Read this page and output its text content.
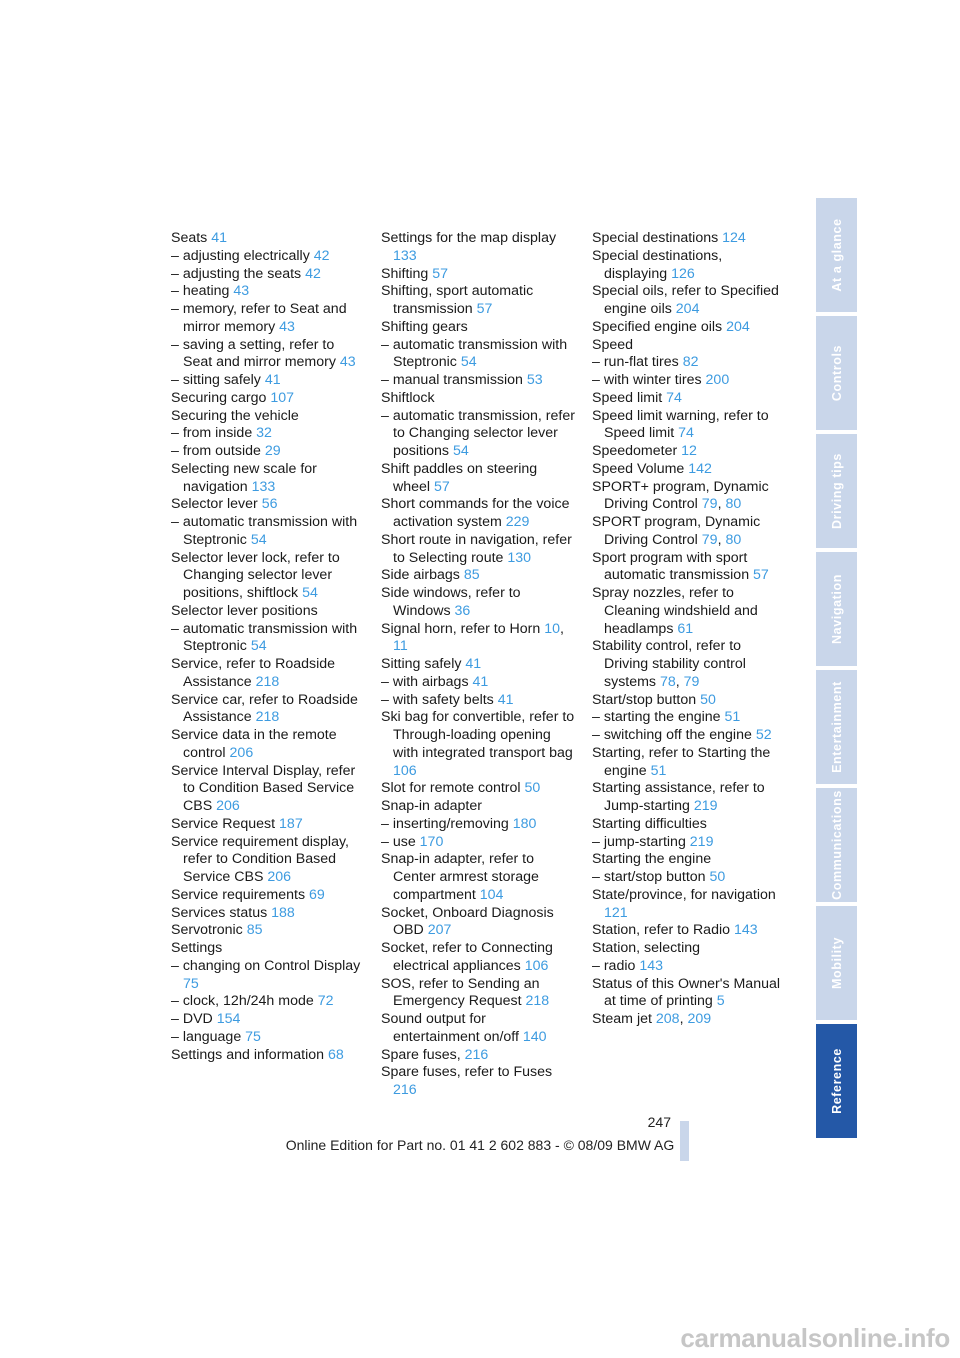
Seats 41
– adjusting electrically 42
– adjusting the seats 42
– heating 43
– memory, refer to Seat and mirror memory 43
– saving a setting, refer to Seat and mirror memory 43
– sitting safely 41
Securing cargo 107
Securing the vehicle
– from inside 32
– from outside 29
Selecting new scale for navigation 133
Selector lever 56
– automatic transmission with Steptronic 54
Selector lever lock, refer to Changing selector lever positions, shiftlock 54
Selector lever positions
– automatic transmission with Steptronic 54
Service, refer to Roadside Assistance 218
Service car, refer to Roadside Assistance 218
Service data in the remote control 206
Service Interval Display, refer to Condition Based Service CBS 206
Service Request 187
Service requirement display, refer to Condition Based Service CBS 206
Service requirements 69
Services status 188
Servotronic 85
Settings
– changing on Control Display 75
– clock, 12h/24h mode 72
– DVD 154
– language 75
Settings and information 68
Settings for the map display 133
Shifting 57
Shifting, sport automatic transmission 57
Shifting gears
– automatic transmission with Steptronic 54
– manual transmission 53
Shiftlock
– automatic transmission, refer to Changing selector lever positions 54
Shift paddles on steering wheel 57
Short commands for the voice activation system 229
Short route in navigation, refer to Selecting route 130
Side airbags 85
Side windows, refer to Windows 36
Signal horn, refer to Horn 10, 11
Sitting safely 41
– with airbags 41
– with safety belts 41
Ski bag for convertible, refer to Through-loading opening with integrated transport bag 106
Slot for remote control 50
Snap-in adapter
– inserting/removing 180
– use 170
Snap-in adapter, refer to Center armrest storage compartment 104
Socket, Onboard Diagnosis OBD 207
Socket, refer to Connecting electrical appliances 106
SOS, refer to Sending an Emergency Request 218
Sound output for entertainment on/off 140
Spare fuses, 216
Spare fuses, refer to Fuses 216
Special destinations 124
Special destinations, displaying 126
Special oils, refer to Specified engine oils 204
Specified engine oils 204
Speed
– run-flat tires 82
– with winter tires 200
Speed limit 74
Speed limit warning, refer to Speed limit 74
Speedometer 12
Speed Volume 142
SPORT+ program, Dynamic Driving Control 79, 80
SPORT program, Dynamic Driving Control 79, 80
Sport program with sport automatic transmission 57
Spray nozzles, refer to Cleaning windshield and headlamps 61
Stability control, refer to Driving stability control systems 78, 79
Start/stop button 50
– starting the engine 51
– switching off the engine 52
Starting, refer to Starting the engine 51
Starting assistance, refer to Jump-starting 219
Starting difficulties
– jump-starting 219
Starting the engine
– start/stop button 50
State/province, for navigation 121
Station, refer to Radio 143
Station, selecting
– radio 143
Status of this Owner's Manual at time of printing 5
Steam jet 208, 209
At a glance
Controls
Driving tips
Navigation
Entertainment
Communications
Mobility
Reference
247
Online Edition for Part no. 01 41 2 602 883 - © 08/09 BMW AG
carmanualsonline.info
